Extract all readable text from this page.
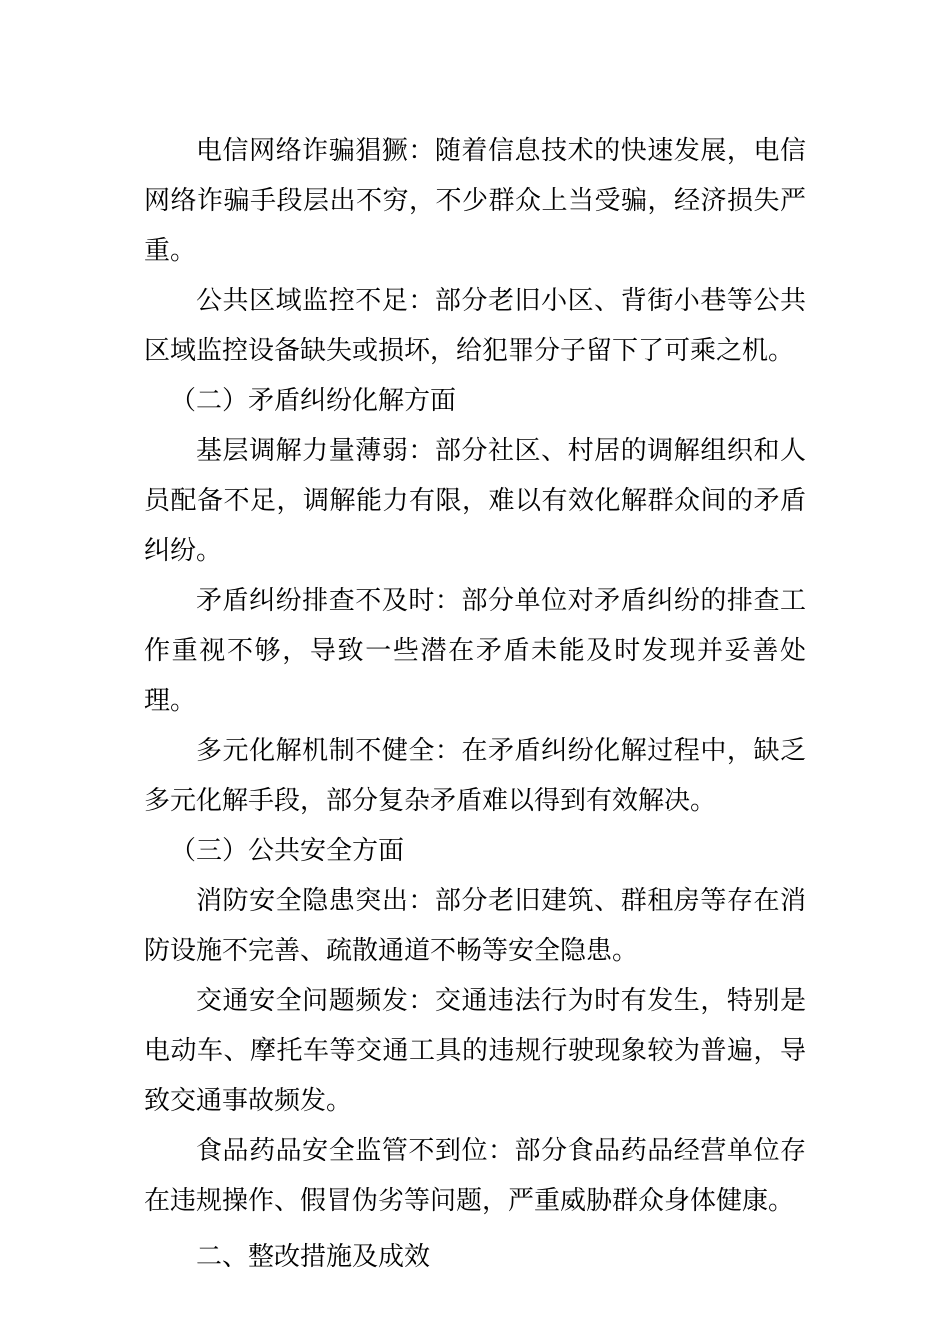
电信网络诈骗猖獗：随着信息技术的快速发展，电信网络诈骗手段层出不穷，不少群众上当受骗，经济损失严重。

公共区域监控不足：部分老旧小区、背街小巷等公共区域监控设备缺失或损坏，给犯罪分子留下了可乘之机。

（二）矛盾纠纷化解方面

基层调解力量薄弱：部分社区、村居的调解组织和人员配备不足，调解能力有限，难以有效化解群众间的矛盾纠纷。

矛盾纠纷排查不及时：部分单位对矛盾纠纷的排查工作重视不够，导致一些潜在矛盾未能及时发现并妥善处理。

多元化解机制不健全：在矛盾纠纷化解过程中，缺乏多元化解手段，部分复杂矛盾难以得到有效解决。

（三）公共安全方面

消防安全隐患突出：部分老旧建筑、群租房等存在消防设施不完善、疏散通道不畅等安全隐患。

交通安全问题频发：交通违法行为时有发生，特别是电动车、摩托车等交通工具的违规行驶现象较为普遍，导致交通事故频发。

食品药品安全监管不到位：部分食品药品经营单位存在违规操作、假冒伪劣等问题，严重威胁群众身体健康。

二、整改措施及成效
